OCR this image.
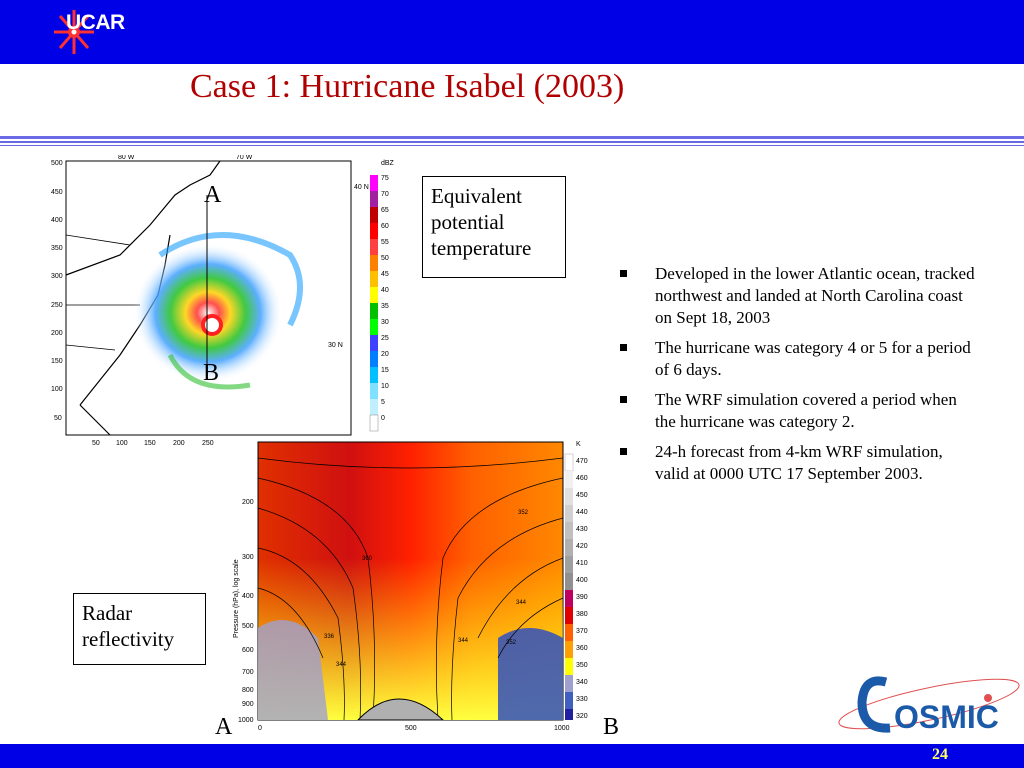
UCAR
Case 1: Hurricane Isabel (2003)
500
450
400
350
300
250
200
150
100
50
50 100 150 200 250
80 W	70 W
40 N
30 N
dBZ
75
70
65
60
55
50
45
40
35
30
25
20
15
10
5
0
200
300
400
500
600
700
800
900
1000
0	500	1000
Pressure (hPa), log scale
352
360
344
336
344
344
352
K
470
460
450
440
430
420
410
400
390
380
370
360
350
340
330
320
Equivalent
potential
temperature
Radar
reflectivity
A
B
A	B
Developed in the lower Atlantic ocean, tracked northwest and landed at North Carolina coast on Sept 18, 2003
The hurricane was category 4 or 5 for a period of 6 days.
The WRF simulation covered a period when the hurricane was category 2.
24-h forecast from 4-km WRF simulation, valid at 0000 UTC 17 September 2003.
OSMIC
24
